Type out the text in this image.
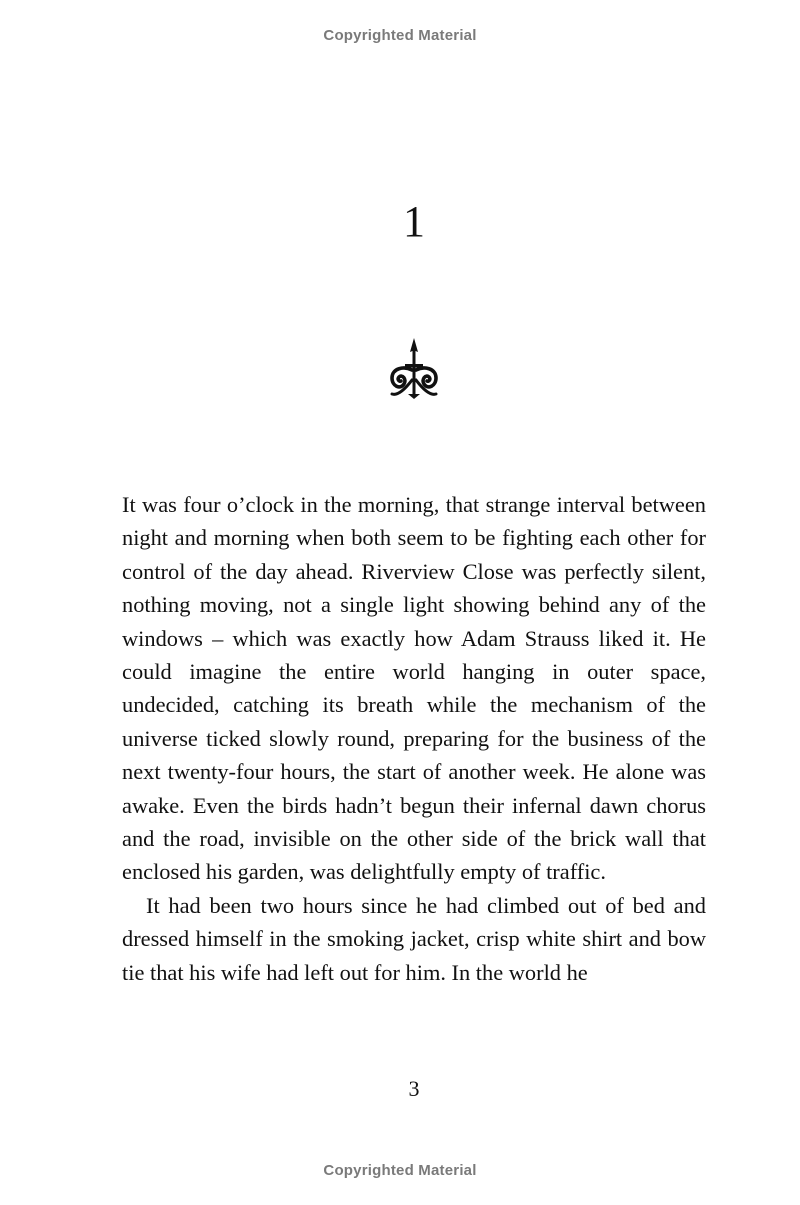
Copyrighted Material
1

It was four o’clock in the morning, that strange interval between night and morning when both seem to be fighting each other for control of the day ahead. Riverview Close was perfectly silent, nothing moving, not a single light showing behind any of the windows – which was exactly how Adam Strauss liked it. He could imagine the entire world hanging in outer space, undecided, catching its breath while the mechanism of the universe ticked slowly round, preparing for the business of the next twenty-four hours, the start of another week. He alone was awake. Even the birds hadn’t begun their infernal dawn chorus and the road, invisible on the other side of the brick wall that enclosed his garden, was delightfully empty of traffic.

It had been two hours since he had climbed out of bed and dressed himself in the smoking jacket, crisp white shirt and bow tie that his wife had left out for him. In the world he

3
Copyrighted Material
